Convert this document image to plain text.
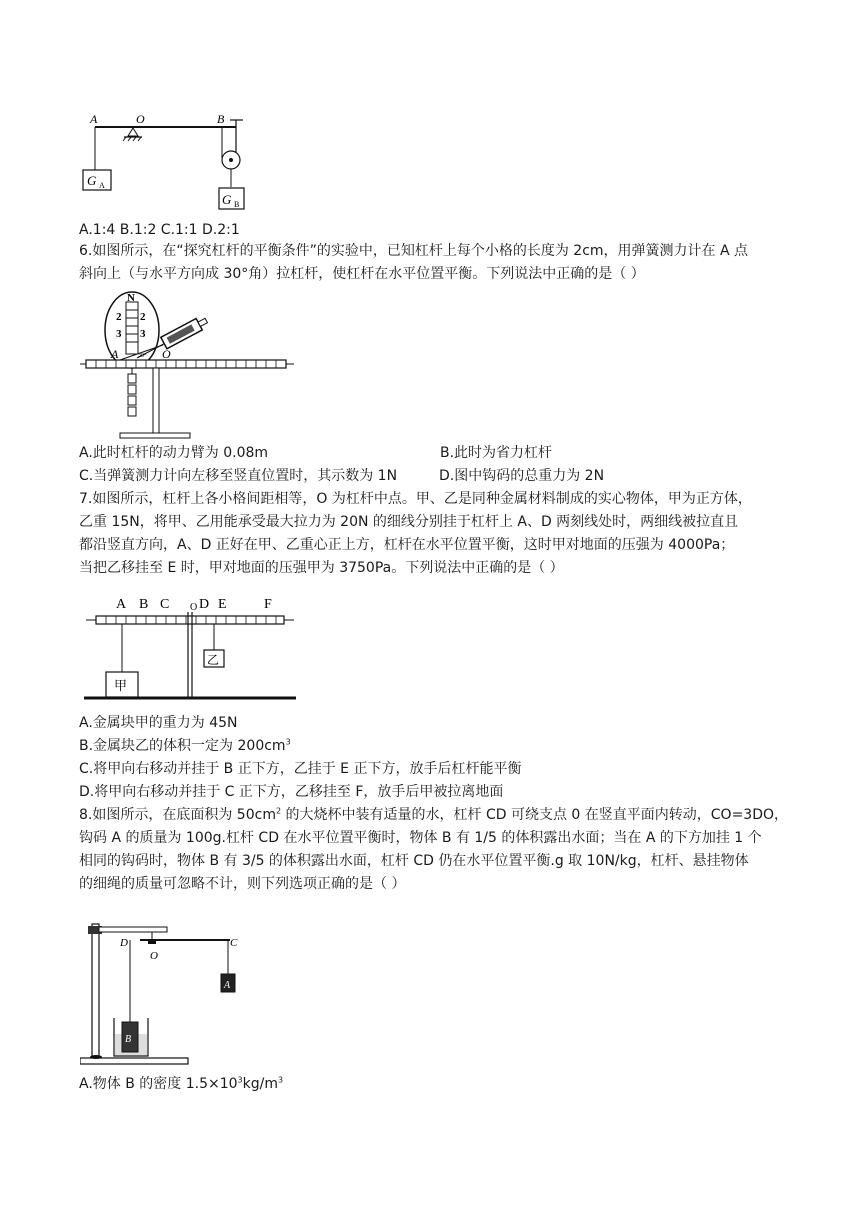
G A
G B
A	O	B
A.1:4 B.1:2 C.1:1 D.2:1
6.如图所示，在“探究杠杆的平衡条件”的实验中，已知杠杆上每个小格的长度为 2cm，用弹簧测力计在 A 点
斜向上（与水平方向成 30°角）拉杠杆，使杠杆在水平位置平衡。下列说法中正确的是（ ）
N
2 2
3 3
A	O
30°
A.此时杠杆的动力臂为 0.08m	B.此时为省力杠杆
C.当弹簧测力计向左移至竖直位置时，其示数为 1N	D.图中钩码的总重力为 2N
7.如图所示，杠杆上各小格间距相等，O 为杠杆中点。甲、乙是同种金属材料制成的实心物体，甲为正方体，
乙重 15N，将甲、乙用能承受最大拉力为 20N 的细线分别挂于杠杆上 A、D 两刻线处时，两细线被拉直且
都沿竖直方向，A、D 正好在甲、乙重心正上方，杠杆在水平位置平衡，这时甲对地面的压强为 4000Pa；
当把乙移挂至 E 时，甲对地面的压强甲为 3750Pa。下列说法中正确的是（ ）
A B C O D E	F
甲
乙
A.金属块甲的重力为 45N
B.金属块乙的体积一定为 $200cm^3$
C.将甲向右移动并挂于 B 正下方，乙挂于 E 正下方，放手后杠杆能平衡
D.将甲向右移动并挂于 C 正下方，乙移挂至 F，放手后甲被拉离地面
8.如图所示，在底面积为 $50cm^2$ 的大烧杯中装有适量的水，杠杆 CD 可绕支点 0 在竖直平面内转动，CO=3DO，
钩码 A 的质量为 100g.杠杆 CD 在水平位置平衡时，物体 B 有 1/5 的体积露出水面；当在 A 的下方加挂 1 个
相同的钩码时，物体 B 有 3/5 的体积露出水面，杠杆 CD 仍在水平位置平衡.g 取 10N/kg，杠杆、悬挂物体
的细绳的质量可忽略不计，则下列选项正确的是（ ）
D
O
C
A
B
A.物体 B 的密度 $1.5\times 10^3kg/m^3$
